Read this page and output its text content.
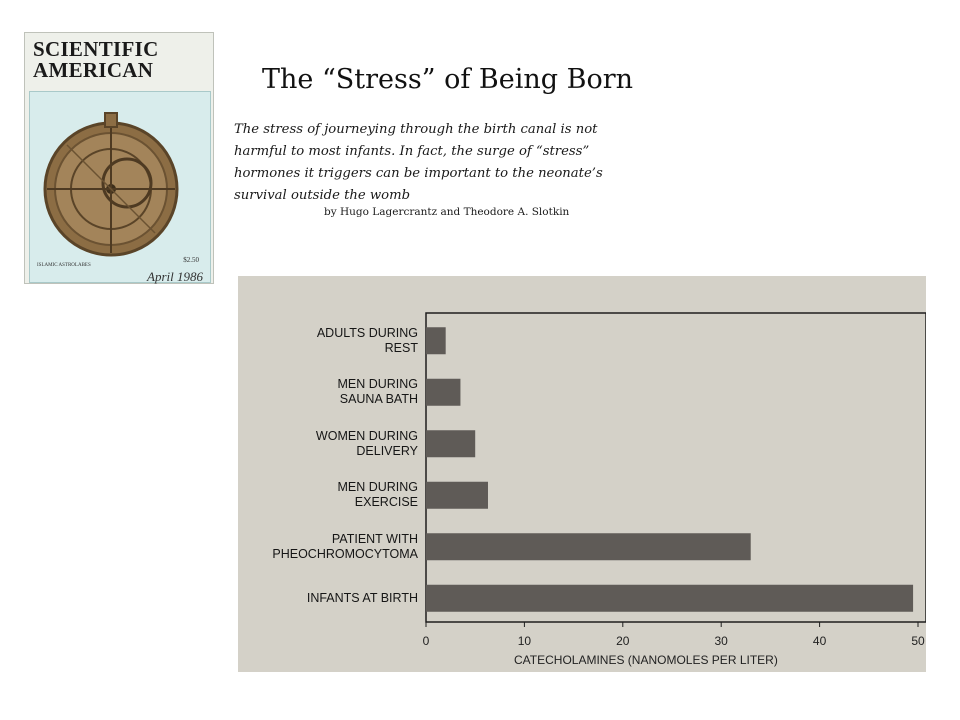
SCIENTIFIC
AMERICAN
ISLAMIC ASTROLABES
$2.50
April 1986
The “Stress” of Being Born
The stress of journeying through the birth canal is not harmful to most infants. In fact, the surge of “stress” hormones it triggers can be important to the neonate’s survival outside the womb
by Hugo Lagercrantz and Theodore A. Slotkin
CATECHOLAMINES (NANOMOLES PER LITER)
ADULTS DURING
REST
MEN DURING
SAUNA BATH
WOMEN DURING
DELIVERY
MEN DURING
EXERCISE
PATIENT WITH
PHEOCHROMOCYTOMA
INFANTS AT BIRTH
0	10	20	30	40	50
